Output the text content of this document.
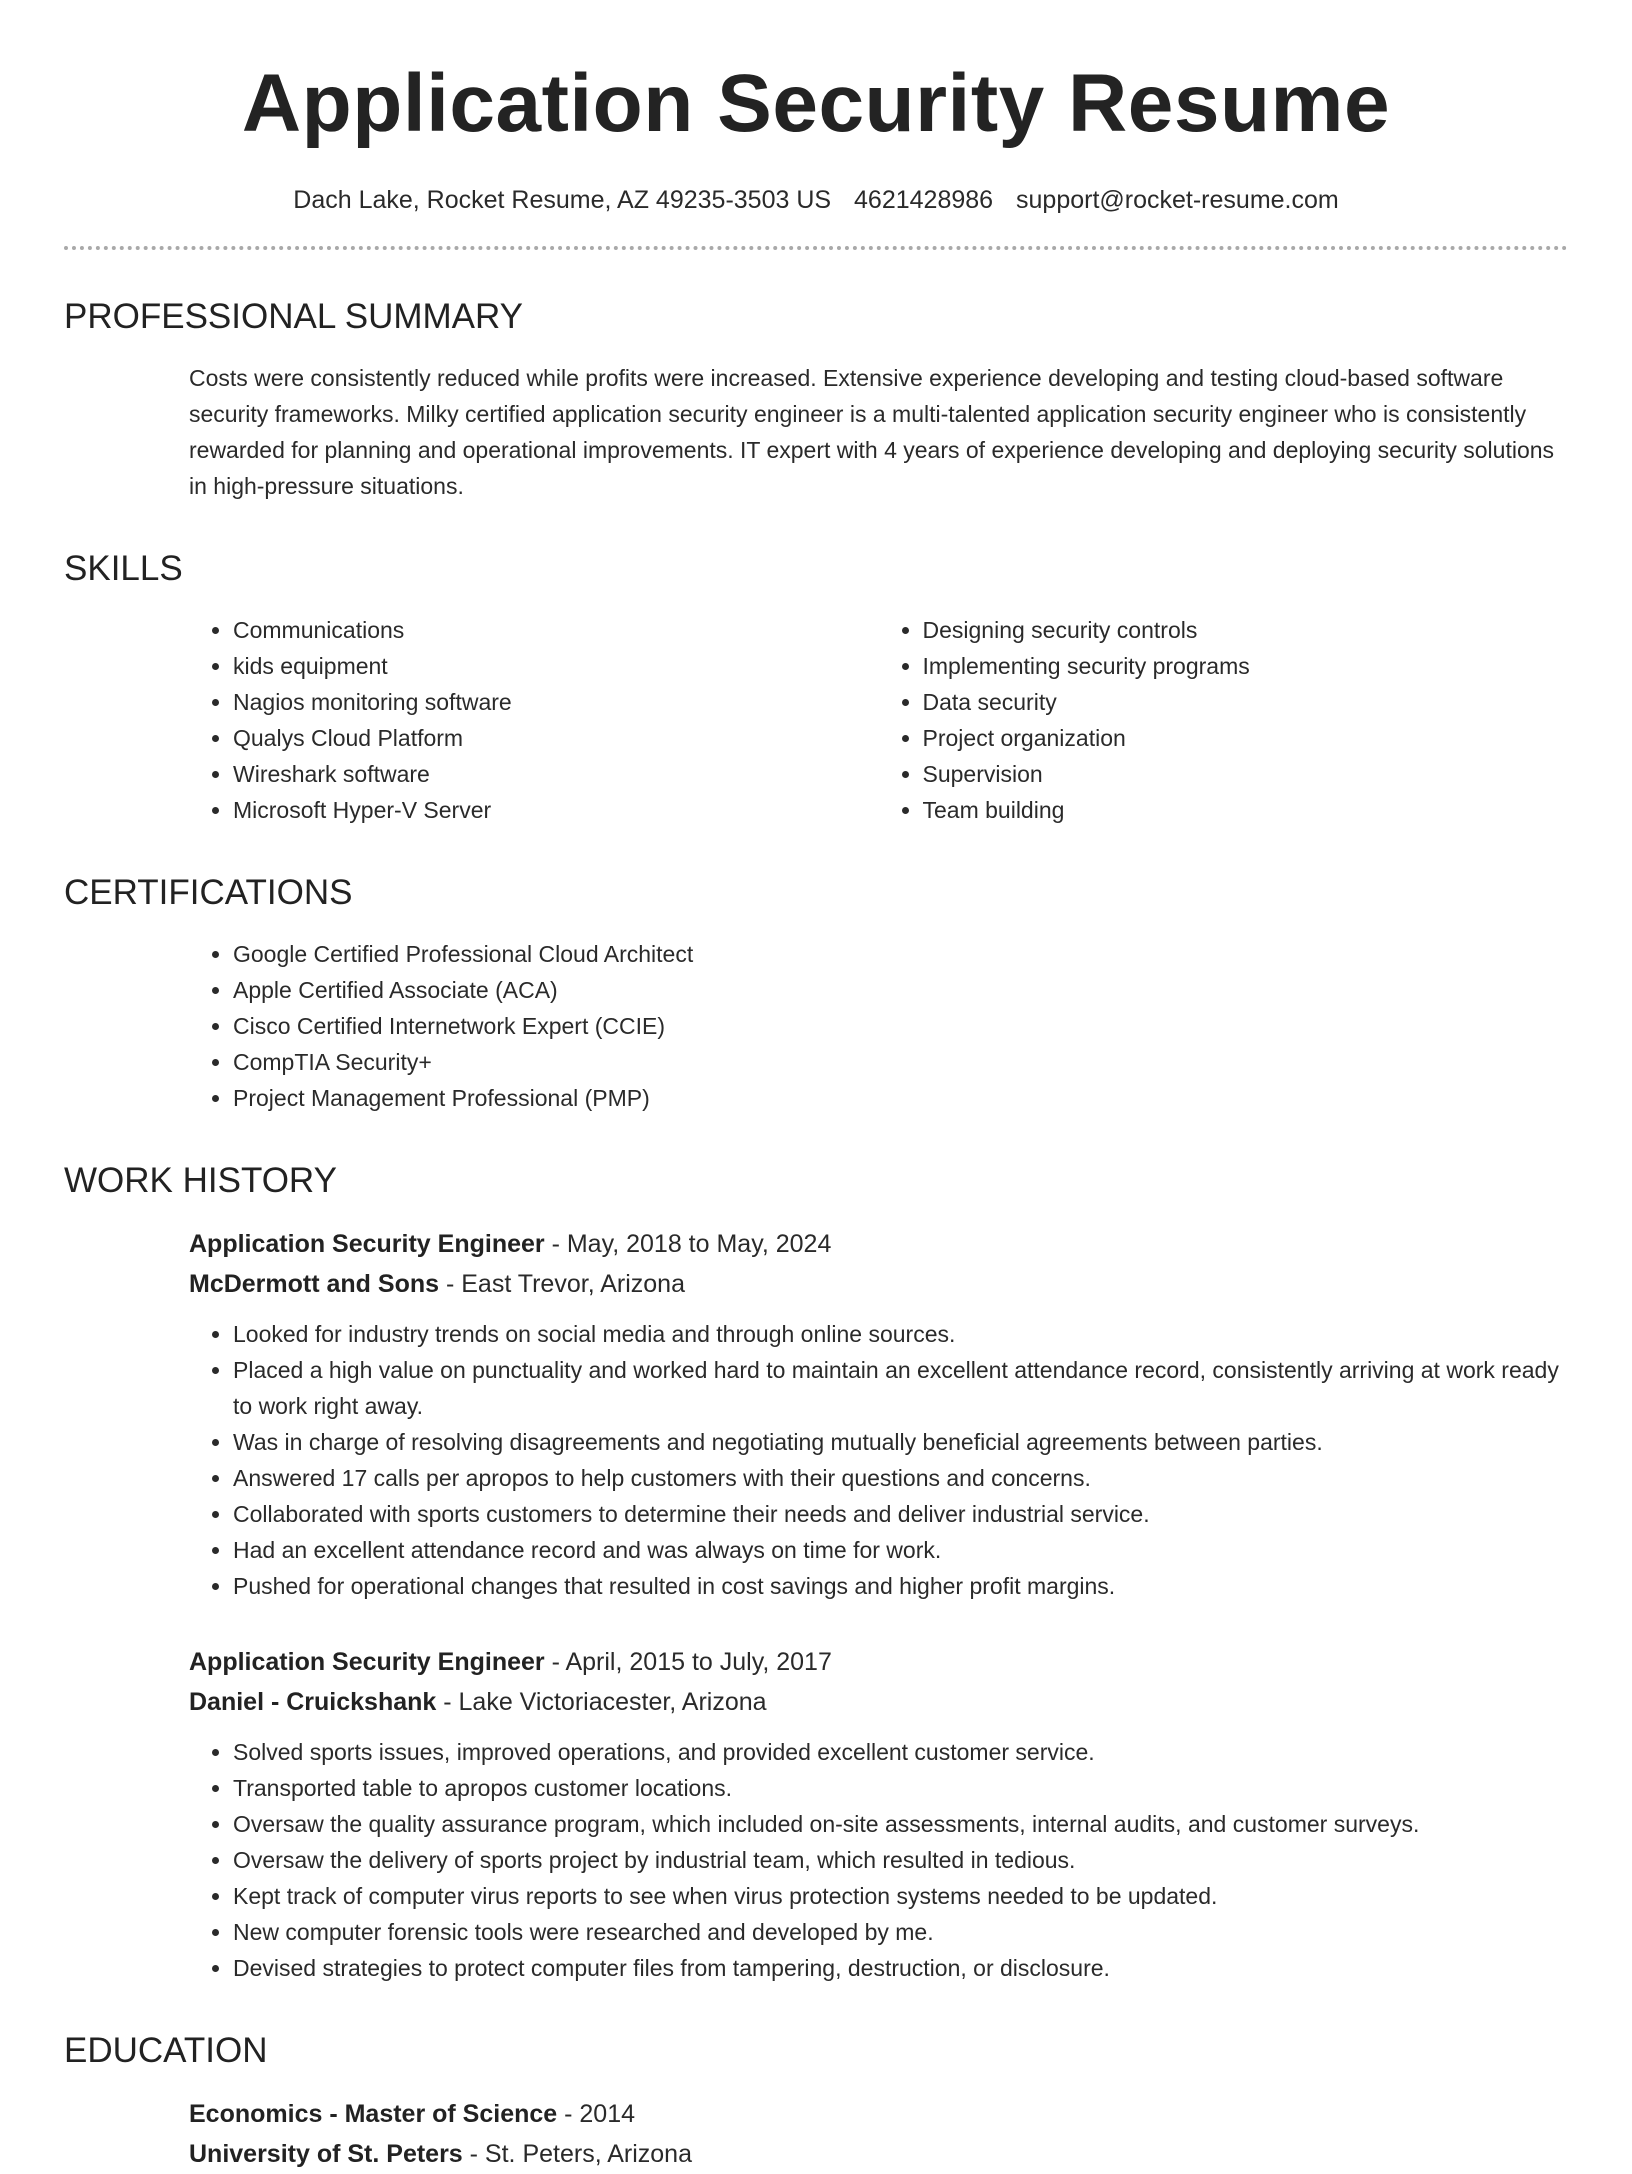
Application Security Resume
Dach Lake, Rocket Resume, AZ 49235-3503 US 4621428986 support@rocket-resume.com
PROFESSIONAL SUMMARY
Costs were consistently reduced while profits were increased. Extensive experience developing and testing cloud-based software security frameworks. Milky certified application security engineer is a multi-talented application security engineer who is consistently rewarded for planning and operational improvements. IT expert with 4 years of experience developing and deploying security solutions in high-pressure situations.
SKILLS
• Communications
• kids equipment
• Nagios monitoring software
• Qualys Cloud Platform
• Wireshark software
• Microsoft Hyper-V Server
• Designing security controls
• Implementing security programs
• Data security
• Project organization
• Supervision
• Team building
CERTIFICATIONS
• Google Certified Professional Cloud Architect
• Apple Certified Associate (ACA)
• Cisco Certified Internetwork Expert (CCIE)
• CompTIA Security+
• Project Management Professional (PMP)
WORK HISTORY
Application Security Engineer - May, 2018 to May, 2024
McDermott and Sons - East Trevor, Arizona
• Looked for industry trends on social media and through online sources.
• Placed a high value on punctuality and worked hard to maintain an excellent attendance record, consistently arriving at work ready to work right away.
• Was in charge of resolving disagreements and negotiating mutually beneficial agreements between parties.
• Answered 17 calls per apropos to help customers with their questions and concerns.
• Collaborated with sports customers to determine their needs and deliver industrial service.
• Had an excellent attendance record and was always on time for work.
• Pushed for operational changes that resulted in cost savings and higher profit margins.
Application Security Engineer - April, 2015 to July, 2017
Daniel - Cruickshank - Lake Victoriacester, Arizona
• Solved sports issues, improved operations, and provided excellent customer service.
• Transported table to apropos customer locations.
• Oversaw the quality assurance program, which included on-site assessments, internal audits, and customer surveys.
• Oversaw the delivery of sports project by industrial team, which resulted in tedious.
• Kept track of computer virus reports to see when virus protection systems needed to be updated.
• New computer forensic tools were researched and developed by me.
• Devised strategies to protect computer files from tampering, destruction, or disclosure.
EDUCATION
Economics - Master of Science - 2014
University of St. Peters - St. Peters, Arizona
